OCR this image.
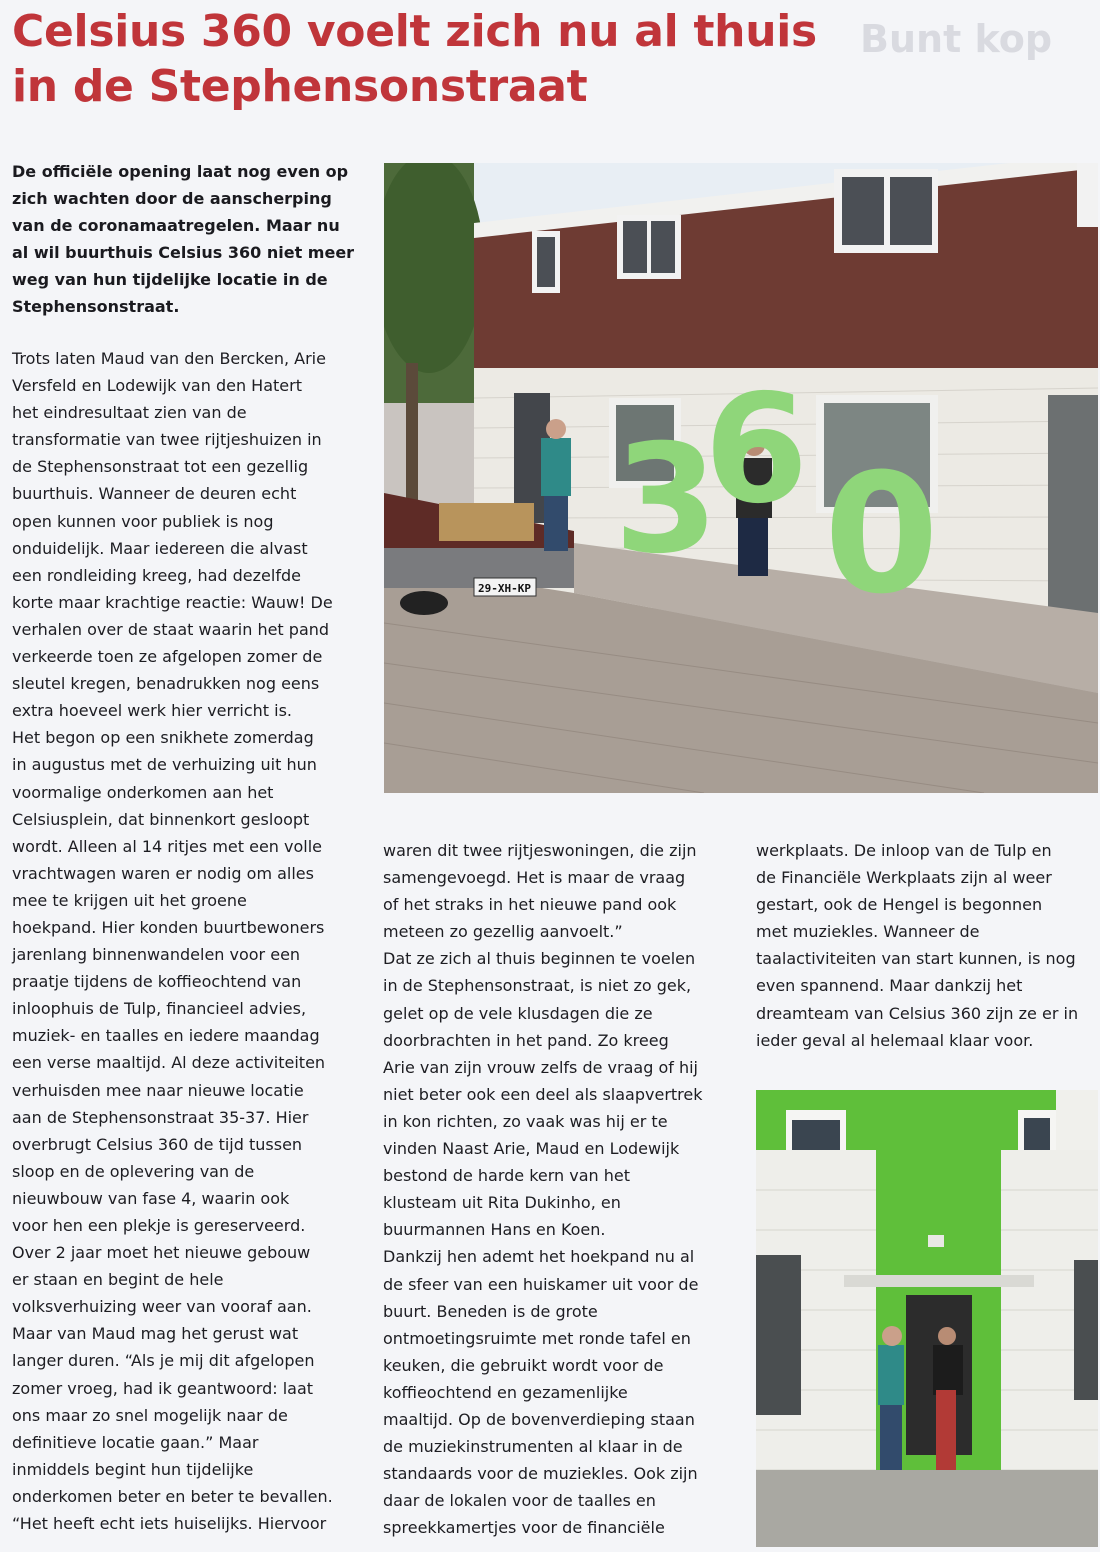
Bunt kop
Celsius 360 voelt zich nu al thuis
in de Stephensonstraat
De officiële opening laat nog even op
zich wachten door de aanscherping
van de coronamaatregelen. Maar nu
al wil buurthuis Celsius 360 niet meer
weg van hun tijdelijke locatie in de
Stephensonstraat.
Trots laten Maud van den Bercken, Arie
Versfeld en Lodewijk van den Hatert
het eindresultaat zien van de
transformatie van twee rijtjeshuizen in
de Stephensonstraat tot een gezellig
buurthuis. Wanneer de deuren echt
open kunnen voor publiek is nog
onduidelijk. Maar iedereen die alvast
een rondleiding kreeg, had dezelfde
korte maar krachtige reactie: Wauw! De
verhalen over de staat waarin het pand
verkeerde toen ze afgelopen zomer de
sleutel kregen, benadrukken nog eens
extra hoeveel werk hier verricht is.
Het begon op een snikhete zomerdag
in augustus met de verhuizing uit hun
voormalige onderkomen aan het
Celsiusplein, dat binnenkort gesloopt
wordt. Alleen al 14 ritjes met een volle
vrachtwagen waren er nodig om alles
mee te krijgen uit het groene
hoekpand. Hier konden buurtbewoners
jarenlang binnenwandelen voor een
praatje tijdens de koffieochtend van
inloophuis de Tulp, financieel advies,
muziek- en taalles en iedere maandag
een verse maaltijd. Al deze activiteiten
verhuisden mee naar nieuwe locatie
aan de Stephensonstraat 35-37. Hier
overbrugt Celsius 360 de tijd tussen
sloop en de oplevering van de
nieuwbouw van fase 4, waarin ook
voor hen een plekje is gereserveerd.
Over 2 jaar moet het nieuwe gebouw
er staan en begint de hele
volksverhuizing weer van vooraf aan.
Maar van Maud mag het gerust wat
langer duren. “Als je mij dit afgelopen
zomer vroeg, had ik geantwoord: laat
ons maar zo snel mogelijk naar de
definitieve locatie gaan.” Maar
inmiddels begint hun tijdelijke
onderkomen beter en beter te bevallen.
“Het heeft echt iets huiselijks. Hiervoor
waren dit twee rijtjeswoningen, die zijn
samengevoegd. Het is maar de vraag
of het straks in het nieuwe pand ook
meteen zo gezellig aanvoelt.”
Dat ze zich al thuis beginnen te voelen
in de Stephensonstraat, is niet zo gek,
gelet op de vele klusdagen die ze
doorbrachten in het pand. Zo kreeg
Arie van zijn vrouw zelfs de vraag of hij
niet beter ook een deel als slaapvertrek
in kon richten, zo vaak was hij er te
vinden Naast Arie, Maud en Lodewijk
bestond de harde kern van het
klusteam uit Rita Dukinho, en
buurmannen Hans en Koen.
Dankzij hen ademt het hoekpand nu al
de sfeer van een huiskamer uit voor de
buurt. Beneden is de grote
ontmoetingsruimte met ronde tafel en
keuken, die gebruikt wordt voor de
koffieochtend en gezamenlijke
maaltijd. Op de bovenverdieping staan
de muziekinstrumenten al klaar in de
standaards voor de muziekles. Ook zijn
daar de lokalen voor de taalles en
spreekkamertjes voor de financiële
werkplaats. De inloop van de Tulp en
de Financiële Werkplaats zijn al weer
gestart, ook de Hengel is begonnen
met muziekles. Wanneer de
taalactiviteiten van start kunnen, is nog
even spannend. Maar dankzij het
dreamteam van Celsius 360 zijn ze er in
ieder geval al helemaal klaar voor.
3
6 0
29-XH-KP
